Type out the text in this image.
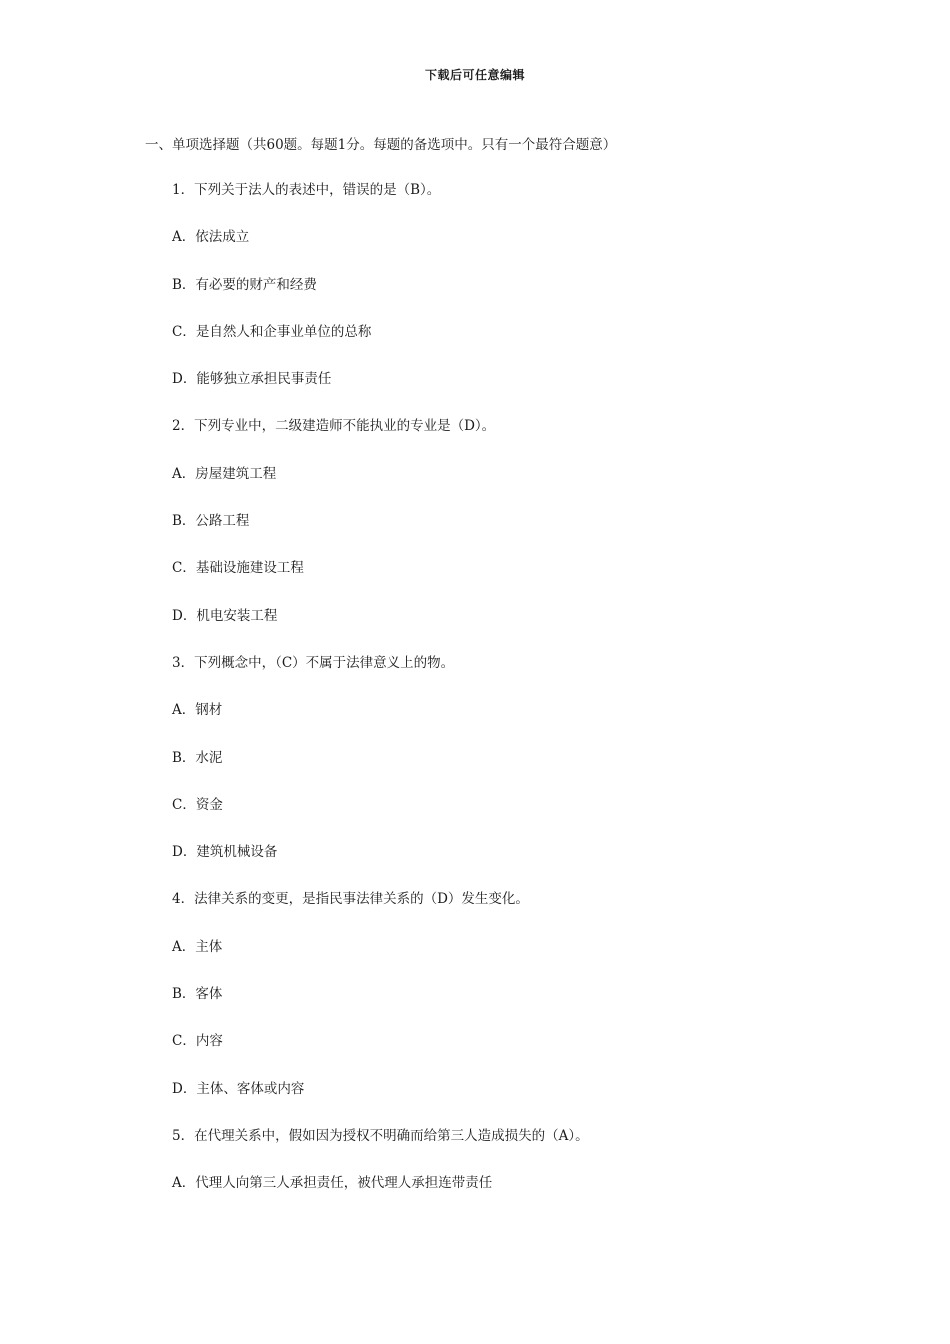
下载后可任意编辑
一、单项选择题（共60题。每题1分。每题的备选项中。只有一个最符合题意）
1．下列关于法人的表述中，错误的是（B）。
A．依法成立
B．有必要的财产和经费
C．是自然人和企事业单位的总称
D．能够独立承担民事责任
2．下列专业中，二级建造师不能执业的专业是（D）。
A．房屋建筑工程
B．公路工程
C．基础设施建设工程
D．机电安装工程
3．下列概念中，（C）不属于法律意义上的物。
A．钢材
B．水泥
C．资金
D．建筑机械设备
4．法律关系的变更，是指民事法律关系的（D）发生变化。
A．主体
B．客体
C．内容
D．主体、客体或内容
5．在代理关系中，假如因为授权不明确而给第三人造成损失的（A）。
A．代理人向第三人承担责任，被代理人承担连带责任
